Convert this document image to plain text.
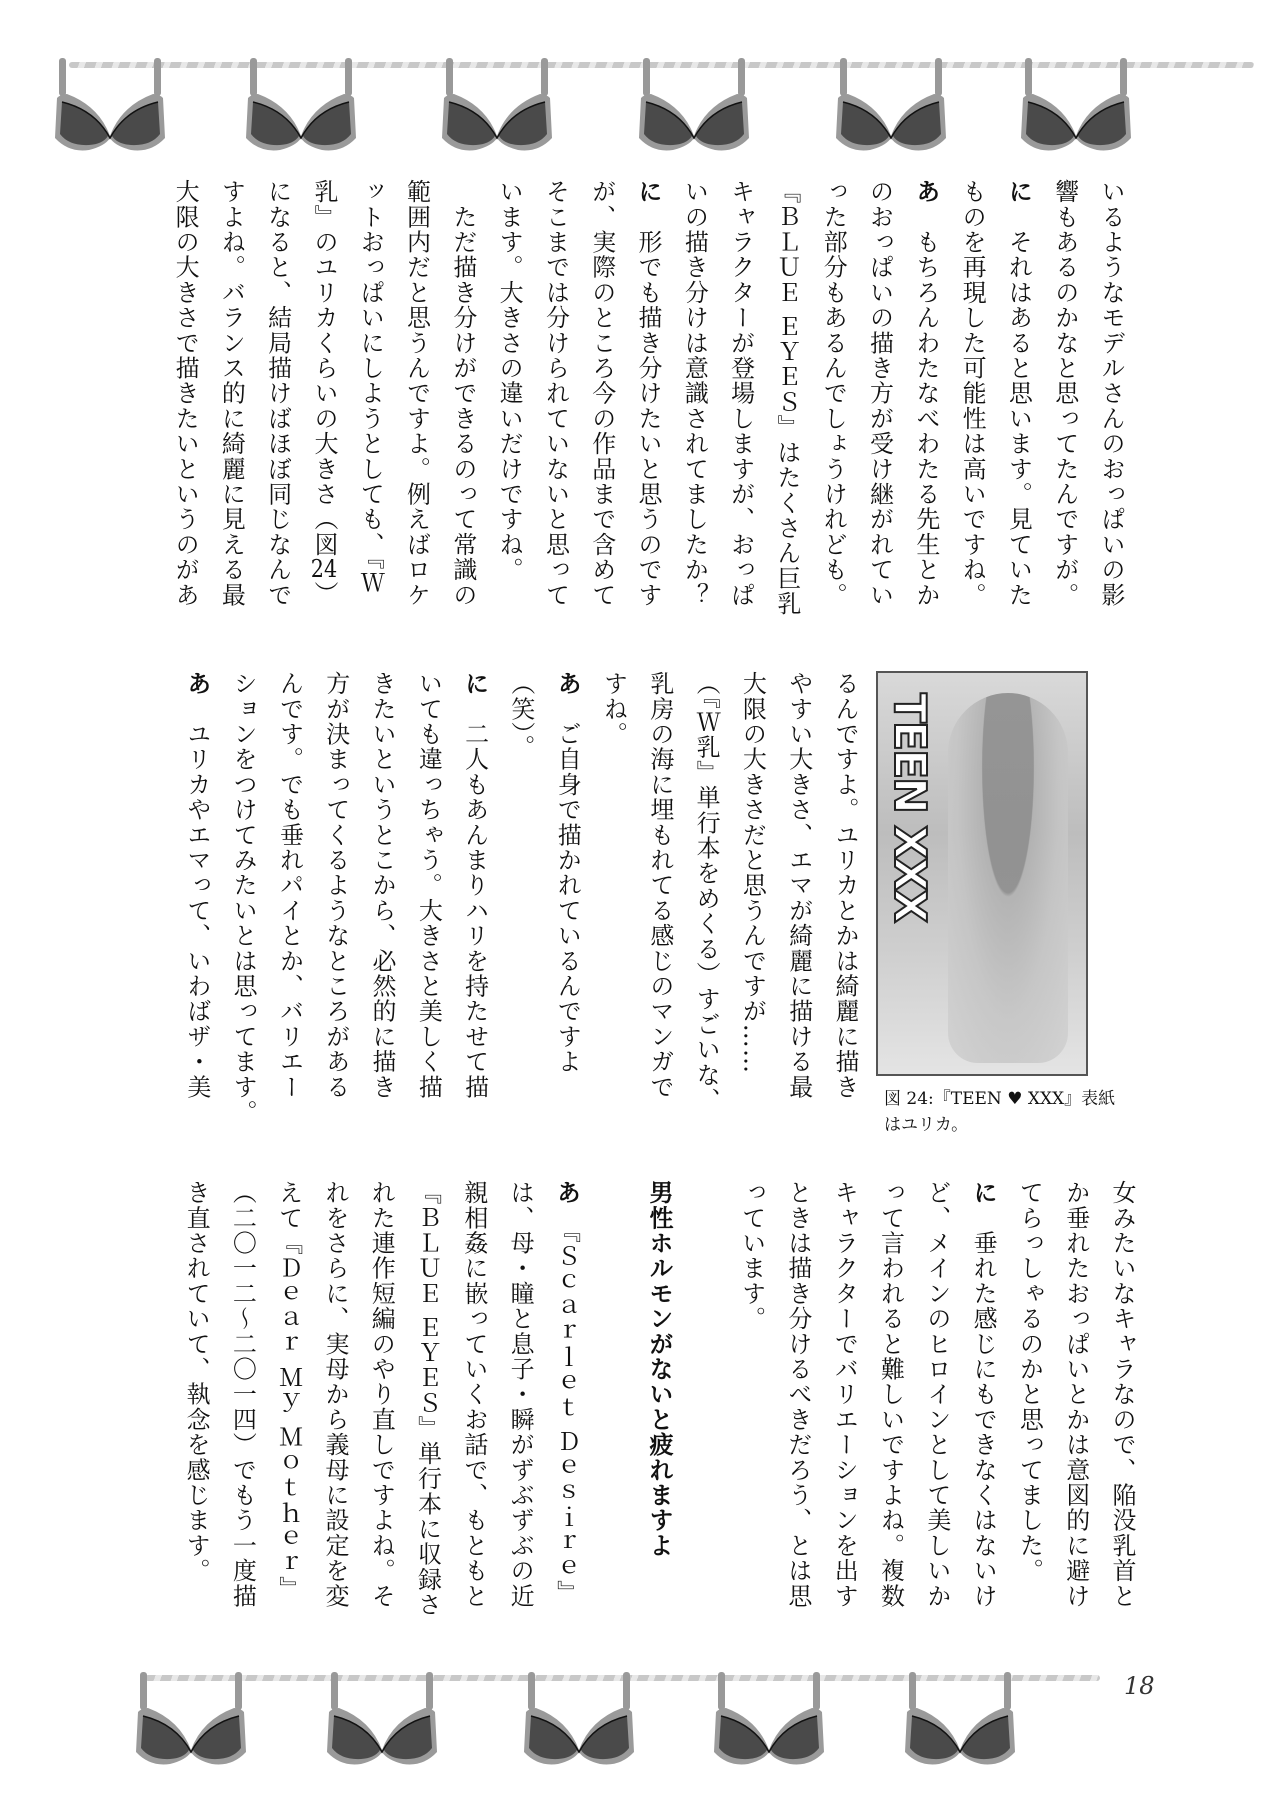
いるようなモデルさんのおっぱいの影

響もあるのかなと思ってたんですが。

に　それはあると思います。見ていた

ものを再現した可能性は高いですね。

あ　もちろんわたなべわたる先生とか

のおっぱいの描き方が受け継がれてい

った部分もあるんでしょうけれども。

『ＢＬＵＥ ＥＹＥＳ』はたくさん巨乳

キャラクターが登場しますが、おっぱ

いの描き分けは意識されてましたか？

に　形でも描き分けたいと思うのです

が、実際のところ今の作品まで含めて

そこまでは分けられていないと思って

います。大きさの違いだけですね。

　ただ描き分けができるのって常識の

範囲内だと思うんですよ。例えばロケ

ットおっぱいにしようとしても、『Ｗ

乳』のユリカくらいの大きさ（図24）

になると、結局描けばほぼ同じなんで

すよね。バランス的に綺麗に見える最

大限の大きさで描きたいというのがあ

るんですよ。ユリカとかは綺麗に描き

やすい大きさ、エマが綺麗に描ける最

大限の大きさだと思うんですが……

（『Ｗ乳』単行本をめくる）すごいな、

乳房の海に埋もれてる感じのマンガで

すね。

あ　ご自身で描かれているんですよ

（笑）。

に　二人もあんまりハリを持たせて描

いても違っちゃう。大きさと美しく描

きたいというとこから、必然的に描き

方が決まってくるようなところがある

んです。でも垂れパイとか、バリエー

ションをつけてみたいとは思ってます。

あ　ユリカやエマって、いわばザ・美

女みたいなキャラなので、陥没乳首と

か垂れたおっぱいとかは意図的に避け

てらっしゃるのかと思ってました。

に　垂れた感じにもできなくはないけ

ど、メインのヒロインとして美しいか

って言われると難しいですよね。複数

キャラクターでバリエーションを出す

ときは描き分けるべきだろう、とは思

っています。

男性ホルモンがないと疲れますよ

あ　『Ｓｃａｒｌｅｔ Ｄｅｓｉｒｅ』

は、母・瞳と息子・瞬がずぶずぶの近

親相姦に嵌っていくお話で、もともと

『ＢＬＵＥ ＥＹＥＳ』単行本に収録さ

れた連作短編のやり直しですよね。そ

れをさらに、実母から義母に設定を変

えて『Ｄｅａｒ Ｍｙ Ｍｏｔｈｅｒ』

（二〇一二〜二〇一四）でもう一度描

き直されていて、執念を感じます。

TEEN XXX
図 24:『TEEN ♥ XXX』表紙はユリカ。
18
